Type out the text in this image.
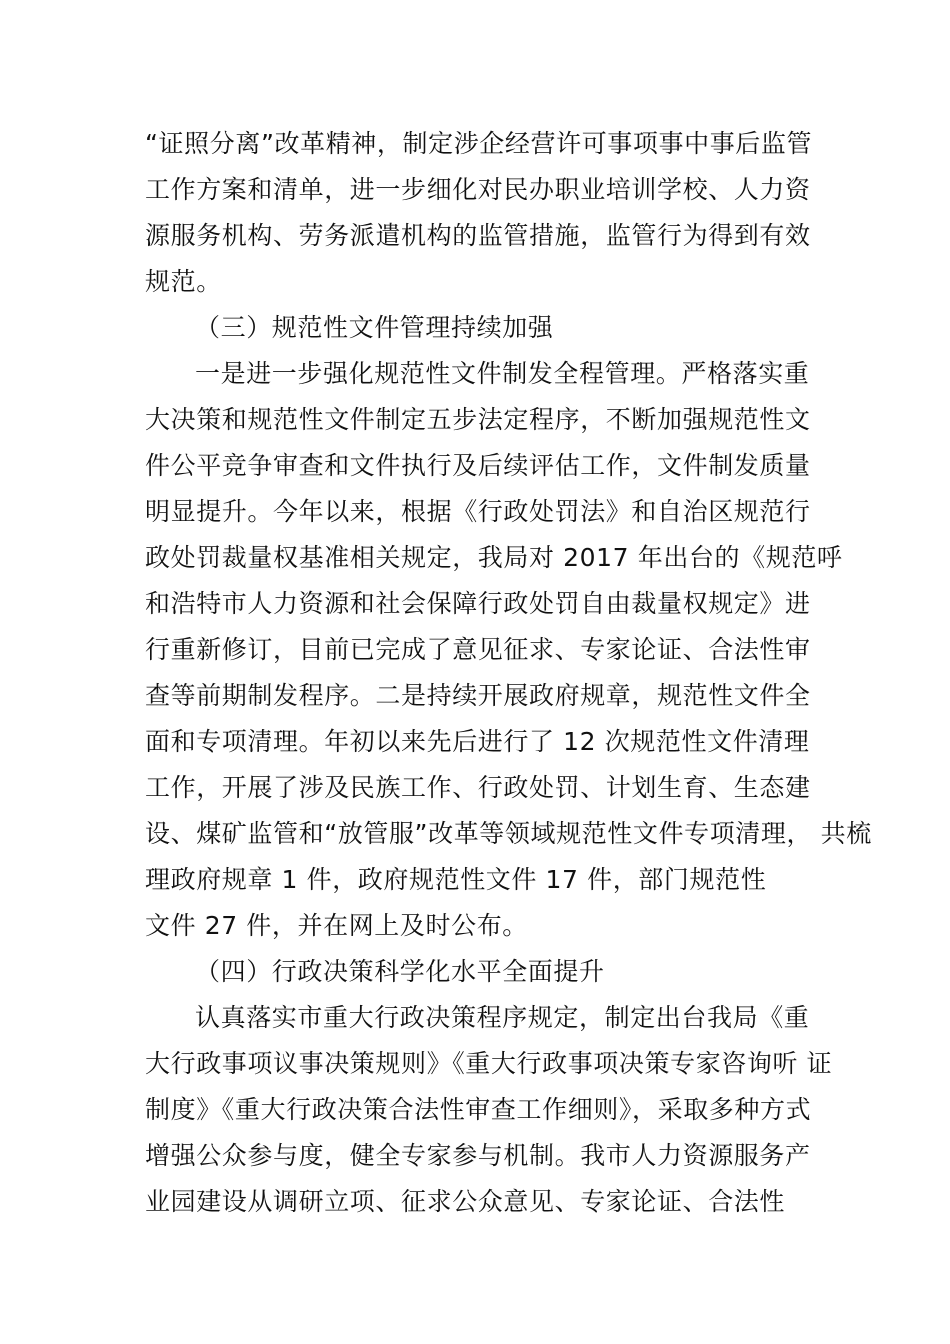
“证照分离”改革精神，制定涉企经营许可事项事中事后监管
工作方案和清单，进一步细化对民办职业培训学校、人力资
源服务机构、劳务派遣机构的监管措施，监管行为得到有效
规范。
（三）规范性文件管理持续加强
一是进一步强化规范性文件制发全程管理。严格落实重
大决策和规范性文件制定五步法定程序，不断加强规范性文
件公平竞争审查和文件执行及后续评估工作，文件制发质量
明显提升。今年以来，根据《行政处罚法》和自治区规范行
政处罚裁量权基准相关规定，我局对 2017 年出台的《规范呼
和浩特市人力资源和社会保障行政处罚自由裁量权规定》进
行重新修订，目前已完成了意见征求、专家论证、合法性审
查等前期制发程序。二是持续开展政府规章，规范性文件全
面和专项清理。年初以来先后进行了 12 次规范性文件清理
工作，开展了涉及民族工作、行政处罚、计划生育、生态建
设、煤矿监管和“放管服”改革等领域规范性文件专项清理， 共梳
理政府规章 1 件，政府规范性文件 17 件，部门规范性
文件 27 件，并在网上及时公布。
（四）行政决策科学化水平全面提升
认真落实市重大行政决策程序规定，制定出台我局《重
大行政事项议事决策规则》《重大行政事项决策专家咨询听 证
制度》《重大行政决策合法性审查工作细则》，采取多种方式
增强公众参与度，健全专家参与机制。我市人力资源服务产
业园建设从调研立项、征求公众意见、专家论证、合法性
